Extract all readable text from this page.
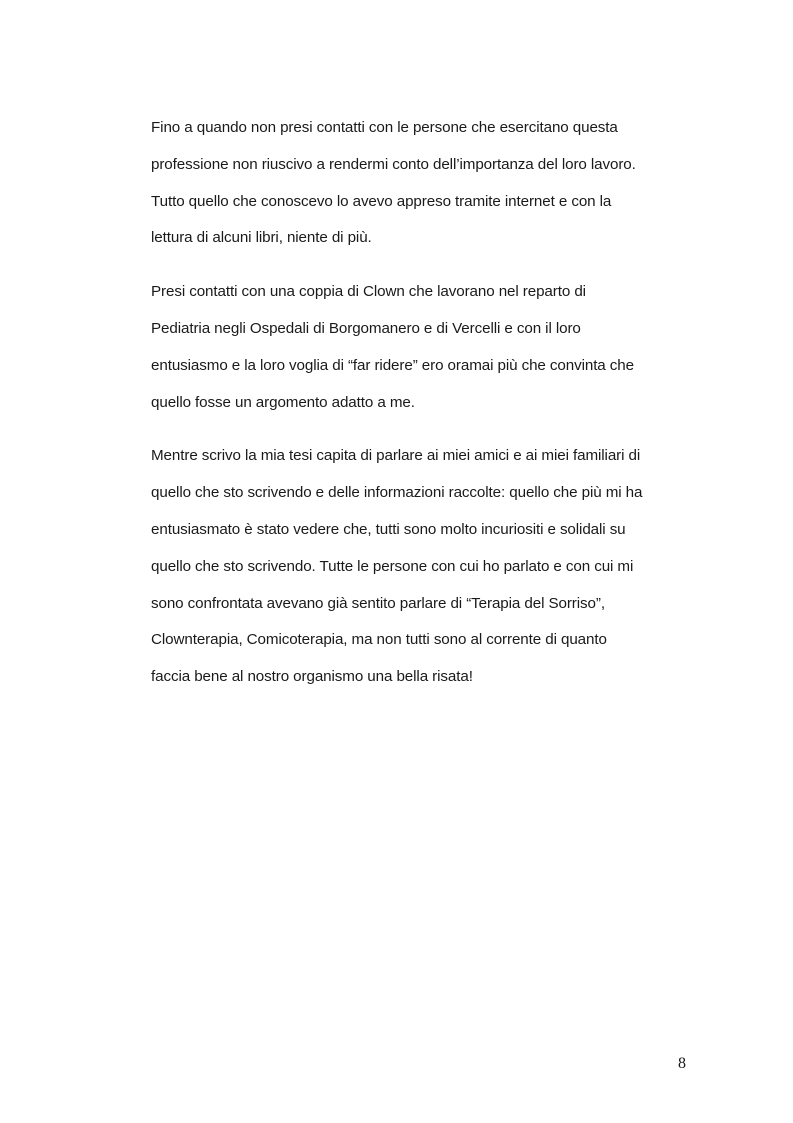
Fino a quando non presi contatti con le persone che esercitano questa
professione non riuscivo a rendermi conto dell’importanza del loro lavoro.
Tutto quello che conoscevo lo avevo appreso tramite internet e con la
lettura di alcuni libri, niente di più.

Presi contatti con una coppia di Clown che lavorano nel reparto di
Pediatria negli Ospedali di Borgomanero e di Vercelli e con il loro
entusiasmo e la loro voglia di “far ridere” ero oramai più che convinta che
quello fosse un argomento adatto a me.

Mentre scrivo la mia tesi capita di parlare ai miei amici e ai miei familiari di
quello che sto scrivendo e delle informazioni raccolte: quello che più mi ha
entusiasmato è stato vedere che, tutti sono molto incuriositi e solidali su
quello che sto scrivendo. Tutte le persone con cui ho parlato e con cui mi
sono confrontata avevano già sentito parlare di “Terapia del Sorriso”,
Clownterapia, Comicoterapia, ma non tutti sono al corrente di quanto
faccia bene al nostro organismo una bella risata!

8
